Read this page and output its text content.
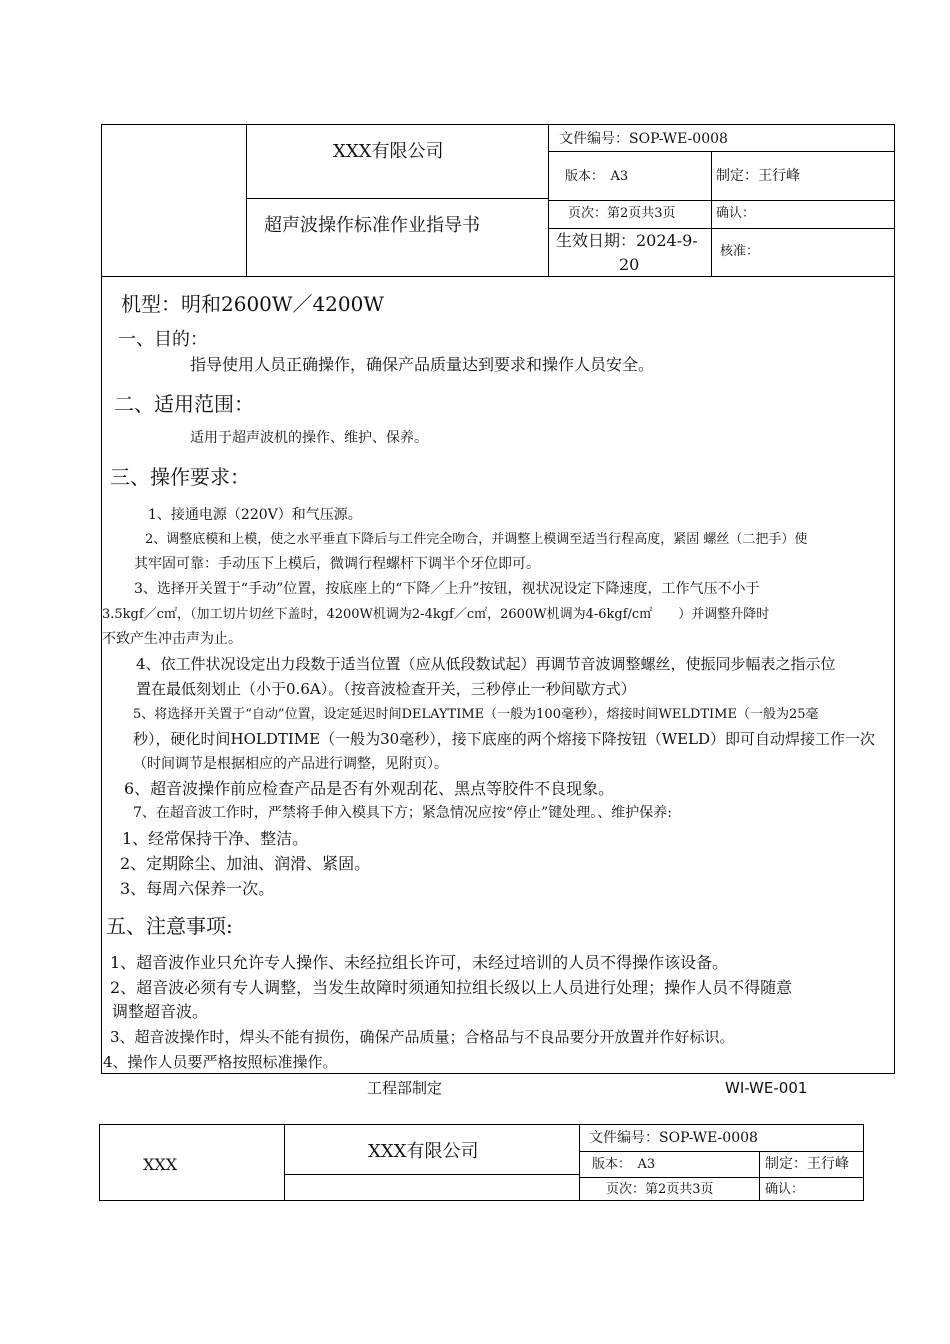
XXX有限公司
文件编号：SOP-WE-0008
版本：　A3	制定：王行峰
超声波操作标准作业指导书
页次：第2页共3页	确认：
生效日期：2024-9-
20
核准：
机型：明和2600W／4200W
一、目的：
指导使用人员正确操作，确保产品质量达到要求和操作人员安全。
二、适用范围：
适用于超声波机的操作、维护、保养。
三、操作要求：
1、接通电源（220V）和气压源。
2、调整底模和上模，使之水平垂直下降后与工件完全吻合，并调整上模调至适当行程高度，紧固 螺丝（二把手）使
其牢固可靠：手动压下上模后，微调行程螺杆下调半个牙位即可。
3、选择开关置于“手动”位置，按底座上的“下降／上升”按钮，视状况设定下降速度，工作气压不小于
3.5kgf／c㎡，（加工切片切丝下盖时，4200W机调为2-4kgf／c㎡，2600W机调为4-6kgf/c㎡　　）并调整升降时
不致产生冲击声为止。
4、依工件状况设定出力段数于适当位置（应从低段数试起）再调节音波调整螺丝，使振同步幅表之指示位
置在最低刻划止（小于0.6A）。（按音波检查开关，三秒停止一秒间歇方式）
5、将选择开关置于“自动”位置，设定延迟时间DELAYTIME（一般为100毫秒），熔接时间WELDTIME（一般为25毫
秒），硬化时间HOLDTIME（一般为30毫秒），接下底座的两个熔接下降按钮（WELD）即可自动焊接工作一次
（时间调节是根据相应的产品进行调整，见附页）。
6、超音波操作前应检查产品是否有外观刮花、黑点等胶件不良现象。
7、在超音波工作时，严禁将手伸入模具下方；紧急情况应按“停止”键处理。、维护保养:
1、经常保持干净、整洁。
2、定期除尘、加油、润滑、紧固。
3、每周六保养一次。
五、注意事项:
1、超音波作业只允许专人操作、未经拉组长许可，未经过培训的人员不得操作该设备。
2、超音波必须有专人调整，当发生故障时须通知拉组长级以上人员进行处理；操作人员不得随意
调整超音波。
3、超音波操作时，焊头不能有损伤，确保产品质量；合格品与不良品要分开放置并作好标识。
4、操作人员要严格按照标准操作。
工程部制定	WI-WE-001
XXX
XXX有限公司
文件编号：SOP-WE-0008
版本：　A3	制定：王行峰
页次：第2页共3页	确认：
